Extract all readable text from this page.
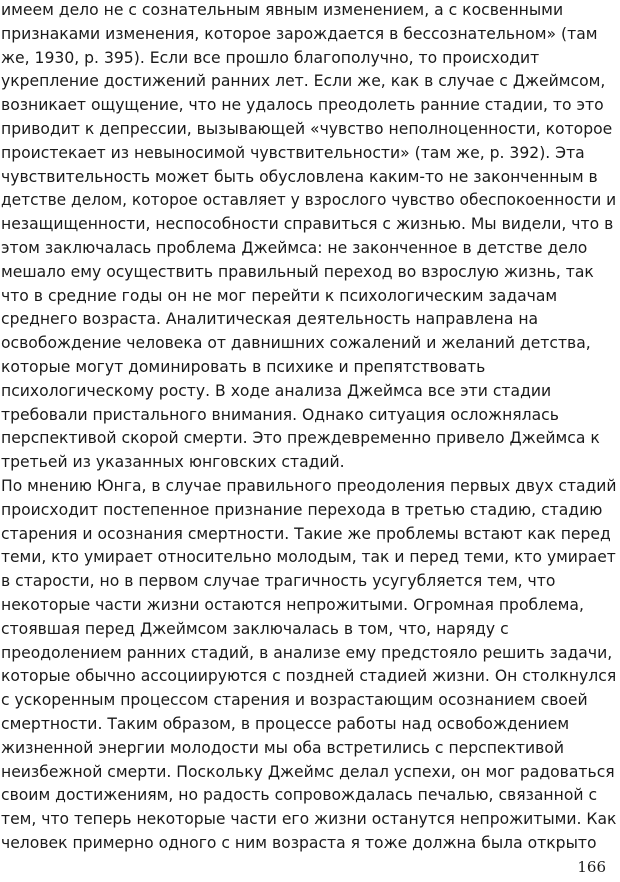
имеем дело не с сознательным явным изменением, а с косвенными
признаками изменения, которое зарождается в бессознательном» (там
же, 1930, р. 395). Если все прошло благополучно, то происходит
укрепление достижений ранних лет. Если же, как в случае с Джеймсом,
возникает ощущение, что не удалось преодолеть ранние стадии, то это
приводит к депрессии, вызывающей «чувство неполноценности, которое
проистекает из невыносимой чувствительности» (там же, р. 392). Эта
чувствительность может быть обусловлена каким-то не законченным в
детстве делом, которое оставляет у взрослого чувство обеспокоенности и
незащищенности, неспособности справиться с жизнью. Мы видели, что в
этом заключалась проблема Джеймса: не законченное в детстве дело
мешало ему осуществить правильный переход во взрослую жизнь, так
что в средние годы он не мог перейти к психологическим задачам
среднего возраста. Аналитическая деятельность направлена на
освобождение человека от давнишних сожалений и желаний детства,
которые могут доминировать в психике и препятствовать
психологическому росту. В ходе анализа Джеймса все эти стадии
требовали пристального внимания. Однако ситуация осложнялась
перспективой скорой смерти. Это преждевременно привело Джеймса к
третьей из указанных юнговских стадий.
По мнению Юнга, в случае правильного преодоления первых двух стадий
происходит постепенное признание перехода в третью стадию, стадию
старения и осознания смертности. Такие же проблемы встают как перед
теми, кто умирает относительно молодым, так и перед теми, кто умирает
в старости, но в первом случае трагичность усугубляется тем, что
некоторые части жизни остаются непрожитыми. Огромная проблема,
стоявшая перед Джеймсом заключалась в том, что, наряду с
преодолением ранних стадий, в анализе ему предстояло решить задачи,
которые обычно ассоциируются с поздней стадией жизни. Он столкнулся
с ускоренным процессом старения и возрастающим осознанием своей
смертности. Таким образом, в процессе работы над освобождением
жизненной энергии молодости мы оба встретились с перспективой
неизбежной смерти. Поскольку Джеймс делал успехи, он мог радоваться
своим достижениям, но радость сопровождалась печалью, связанной с
тем, что теперь некоторые части его жизни останутся непрожитыми. Как
человек примерно одного с ним возраста я тоже должна была открыто
166
